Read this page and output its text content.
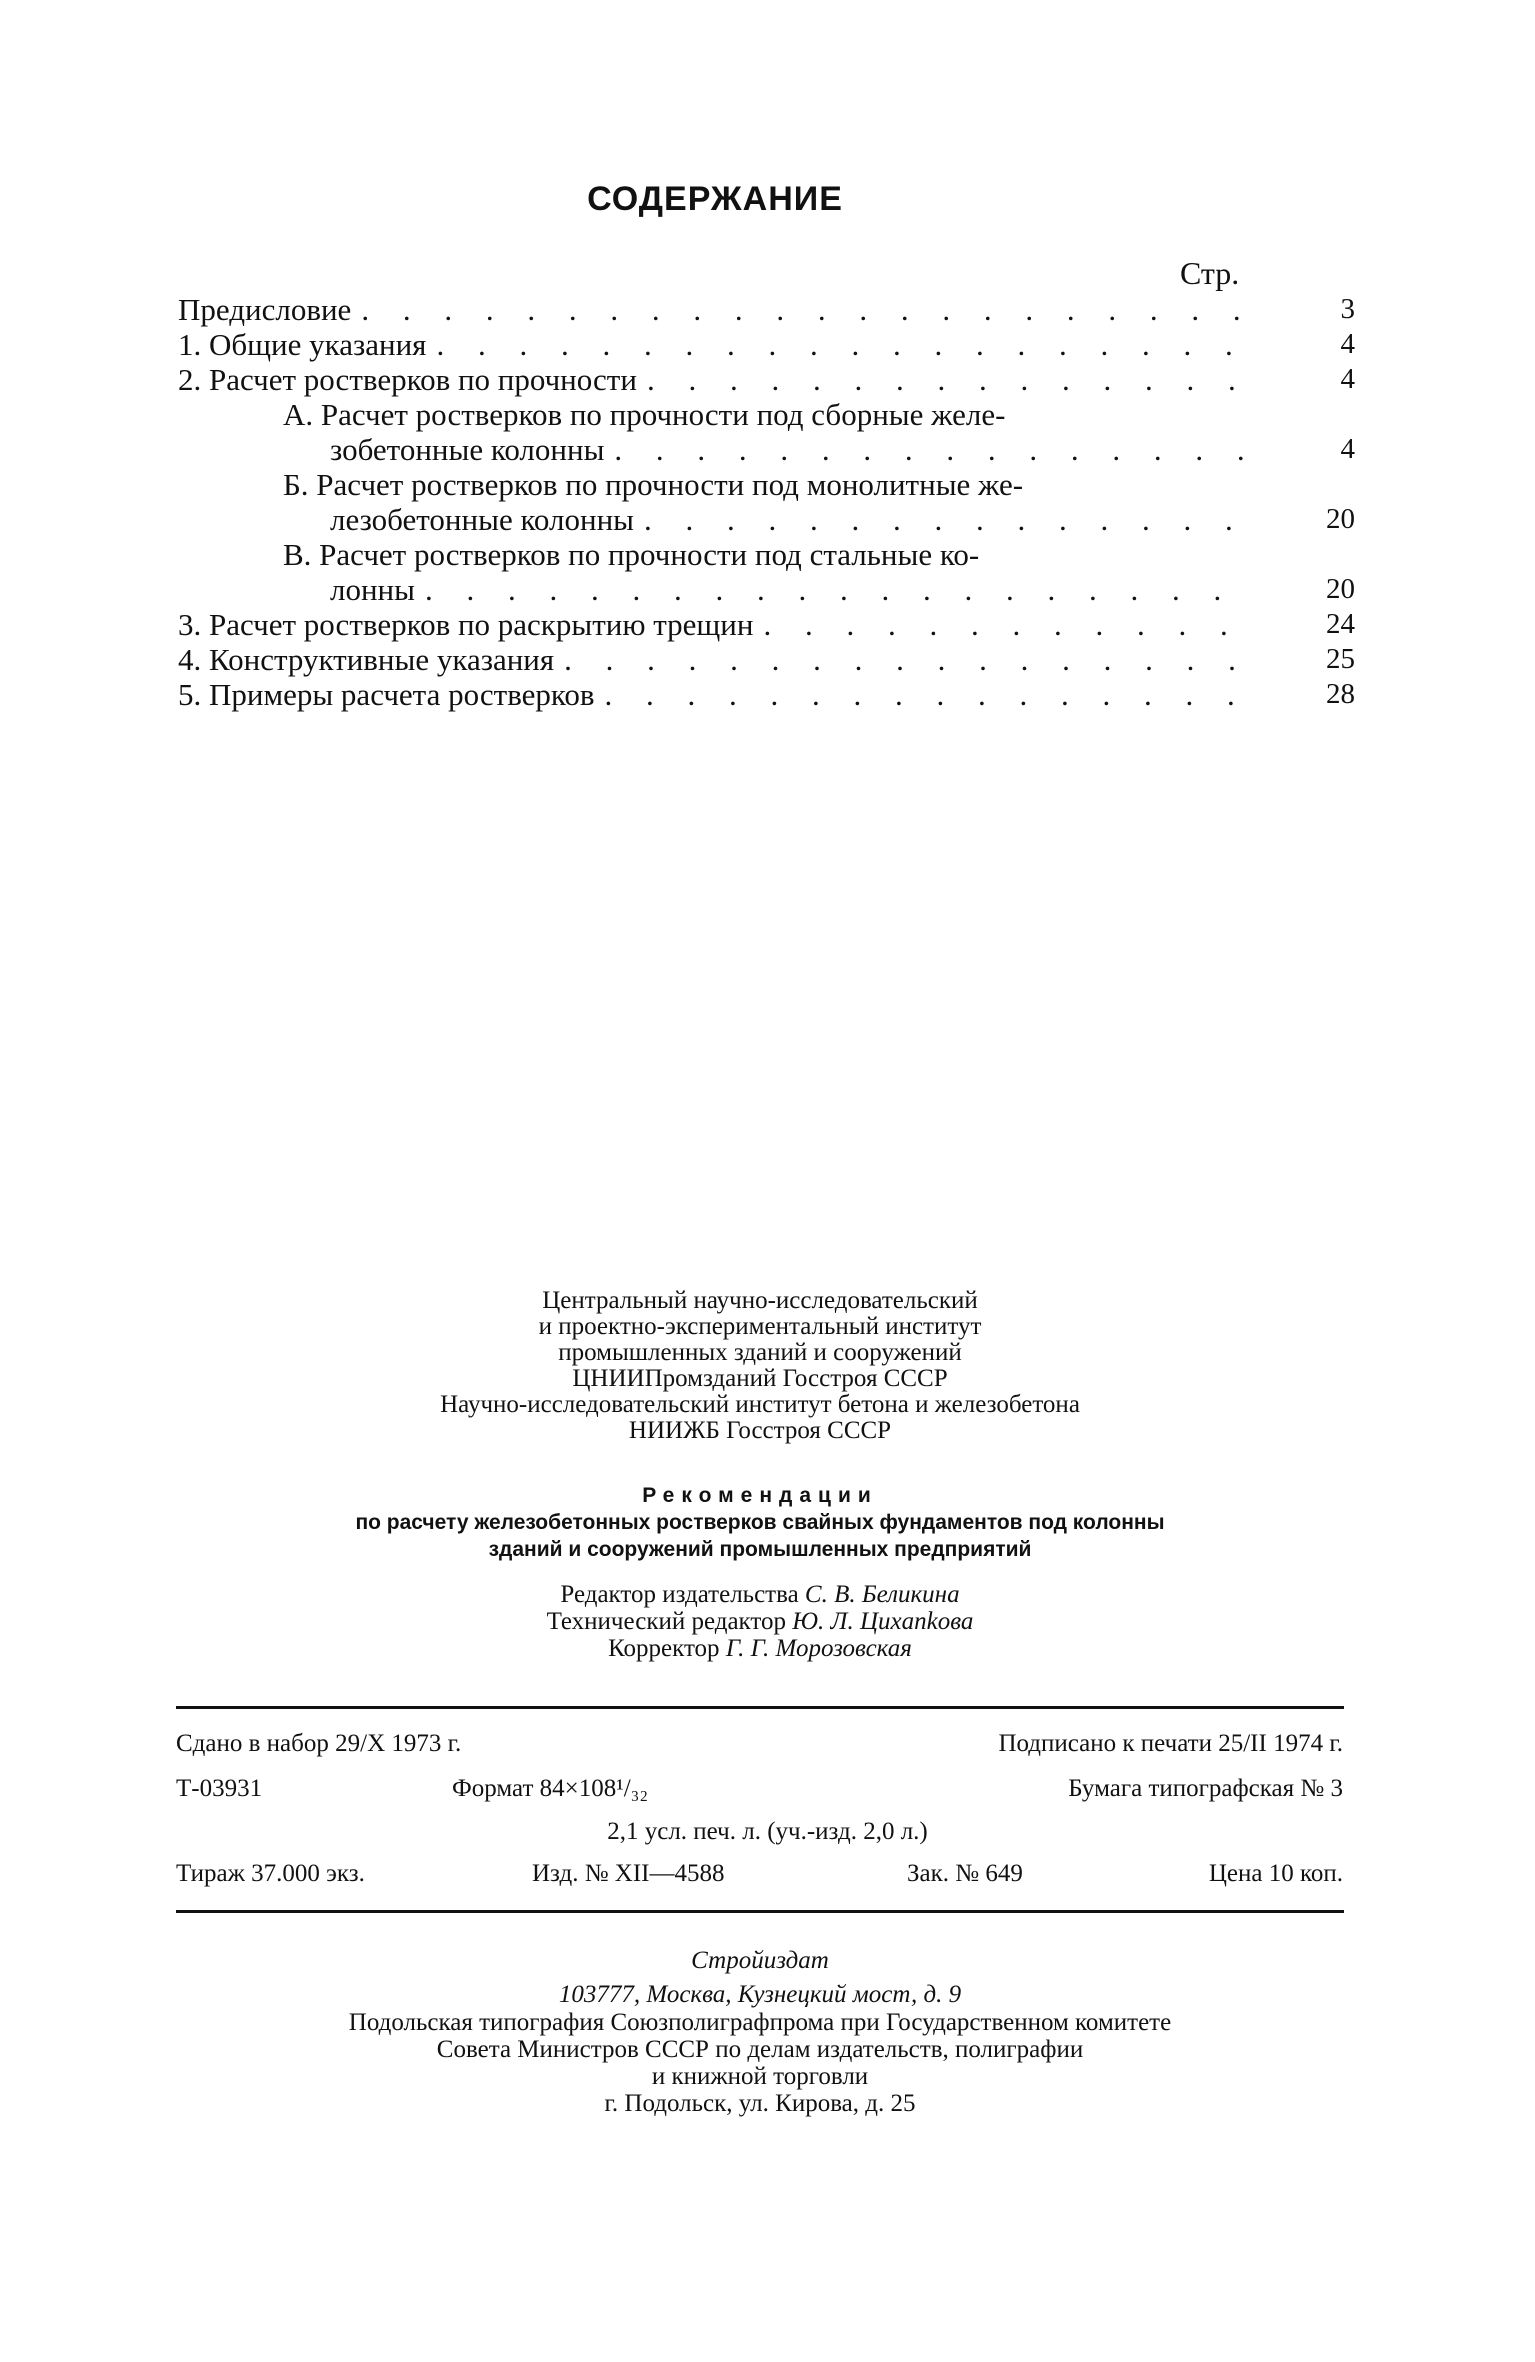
СОДЕРЖАНИЕ
Стр.
Предисловие . . .	3
1. Общие указания . . .	4
2. Расчет ростверков по прочности . . .	4
А. Расчет ростверков по прочности под сборные желе-
зобетонные колонны . . .	4
Б. Расчет ростверков по прочности под монолитные же-
лезобетонные колонны . . .	20
В. Расчет ростверков по прочности под стальные ко-
лонны . . .	20
3. Расчет ростверков по раскрытию трещин . . .	24
4. Конструктивные указания . . .	25
5. Примеры расчета ростверков . . .	28
Центральный научно-исследовательский
и проектно-экспериментальный институт
промышленных зданий и сооружений
ЦНИИПромзданий Госстроя СССР
Научно-исследовательский институт бетона и железобетона
НИИЖБ Госстроя СССР
Рекомендации
по расчету железобетонных ростверков свайных фундаментов под колонны
зданий и сооружений промышленных предприятий
Редактор издательства С. В. Беликина
Технический редактор Ю. Л. Цихankoва
Корректор Г. Г. Морозовская
Сдано в набор 29/X 1973 г.	Подписано к печати 25/II 1974 г.
Т-03931	Формат 84×108¹/₃₂	Бумага типографская № 3
2,1 усл. печ. л. (уч.-изд. 2,0 л.)
Тираж 37.000 экз.	Изд. № XII—4588	Зак. № 649	Цена 10 коп.
Стройиздат
103777, Москва, Кузнецкий мост, д. 9
Подольская типография Союзполиграфпрома при Государственном комитете
Совета Министров СССР по делам издательств, полиграфии
и книжной торговли
г. Подольск, ул. Кирова, д. 25
